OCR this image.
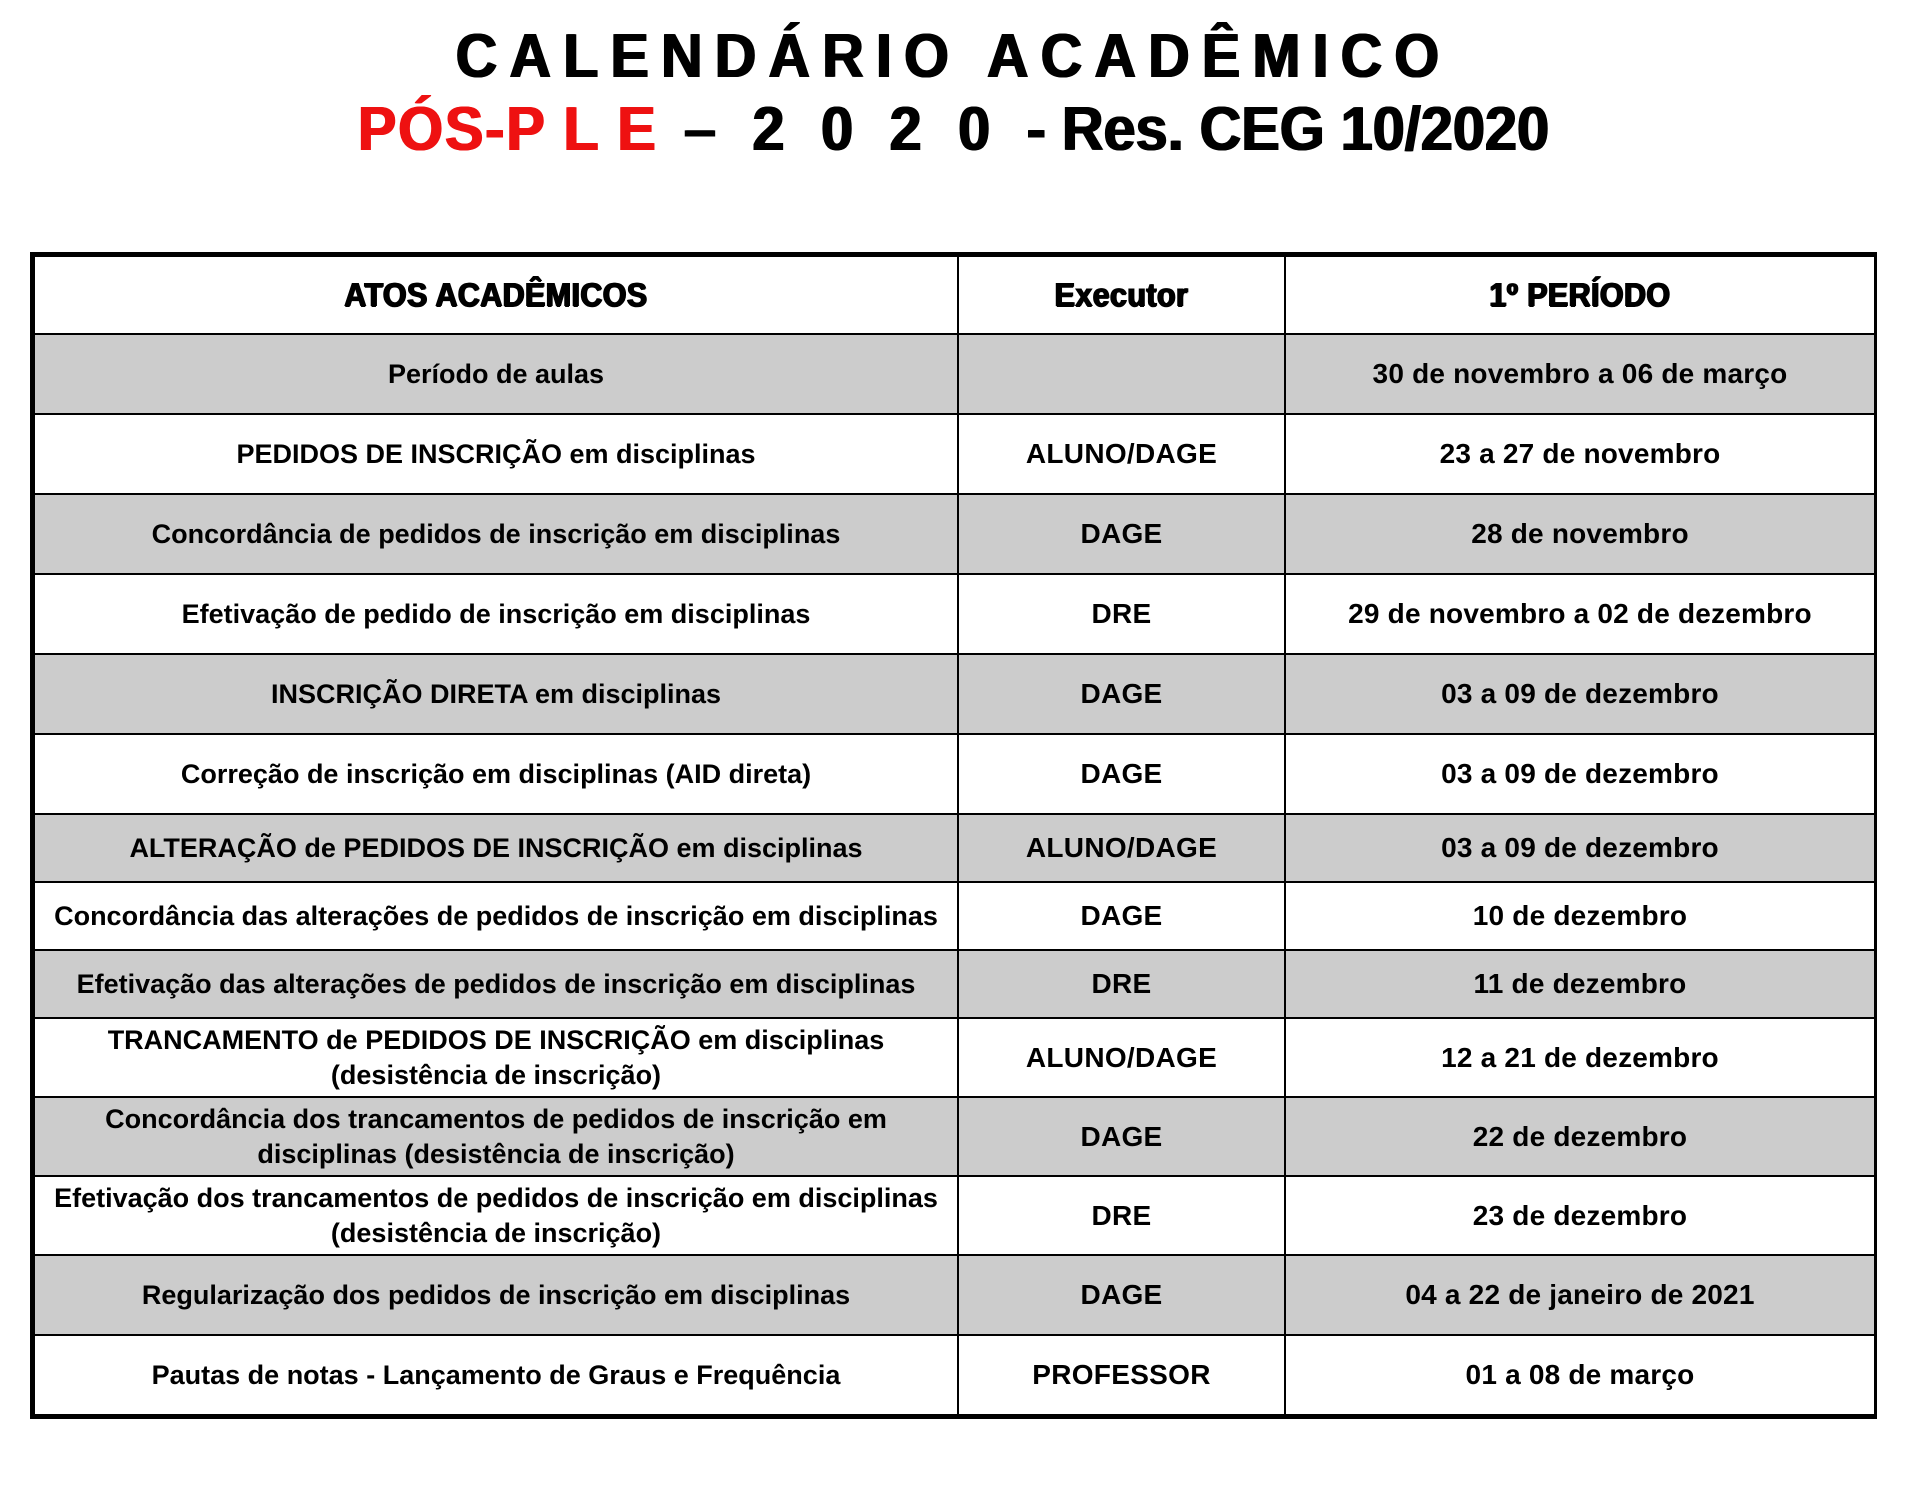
CALENDÁRIO ACADÊMICO
PÓS-P L E – 2 0 2 0 - Res. CEG 10/2020
ATOS ACADÊMICOS	Executor	1º PERÍODO
Período de aulas		30 de novembro a 06 de março
PEDIDOS DE INSCRIÇÃO em disciplinas	ALUNO/DAGE	23 a 27 de novembro
Concordância de pedidos de inscrição em disciplinas	DAGE	28 de novembro
Efetivação de pedido de inscrição em disciplinas	DRE	29 de novembro a 02 de dezembro
INSCRIÇÃO DIRETA em disciplinas	DAGE	03 a 09 de dezembro
Correção de inscrição em disciplinas (AID direta)	DAGE	03 a 09 de dezembro
ALTERAÇÃO de PEDIDOS DE INSCRIÇÃO em disciplinas	ALUNO/DAGE	03 a 09 de dezembro
Concordância das alterações de pedidos de inscrição em disciplinas	DAGE	10 de dezembro
Efetivação das alterações de pedidos de inscrição em disciplinas	DRE	11 de dezembro
TRANCAMENTO de PEDIDOS DE INSCRIÇÃO em disciplinas (desistência de inscrição)	ALUNO/DAGE	12 a 21 de dezembro
Concordância dos trancamentos de pedidos de inscrição em disciplinas (desistência de inscrição)	DAGE	22 de dezembro
Efetivação dos trancamentos de pedidos de inscrição em disciplinas (desistência de inscrição)	DRE	23 de dezembro
Regularização dos pedidos de inscrição em disciplinas	DAGE	04 a 22 de janeiro de 2021
Pautas de notas - Lançamento de Graus e Frequência	PROFESSOR	01 a 08 de março
